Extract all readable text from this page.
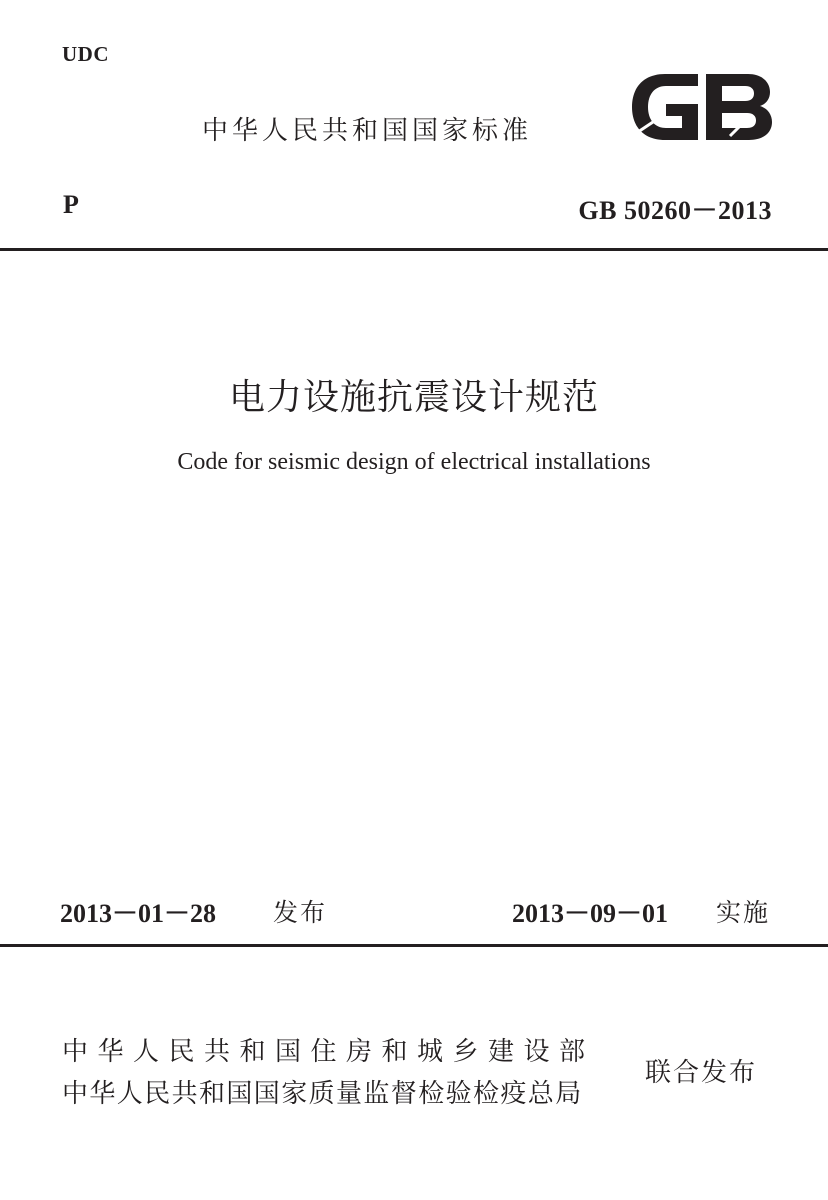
UDC
中华人民共和国国家标准
P	GB 50260－2013
电力设施抗震设计规范
Code for seismic design of electrical installations
2013－01－28 发布	2013－09－01 实施
中华人民共和国住房和城乡建设部
中华人民共和国国家质量监督检验检疫总局
联合发布
